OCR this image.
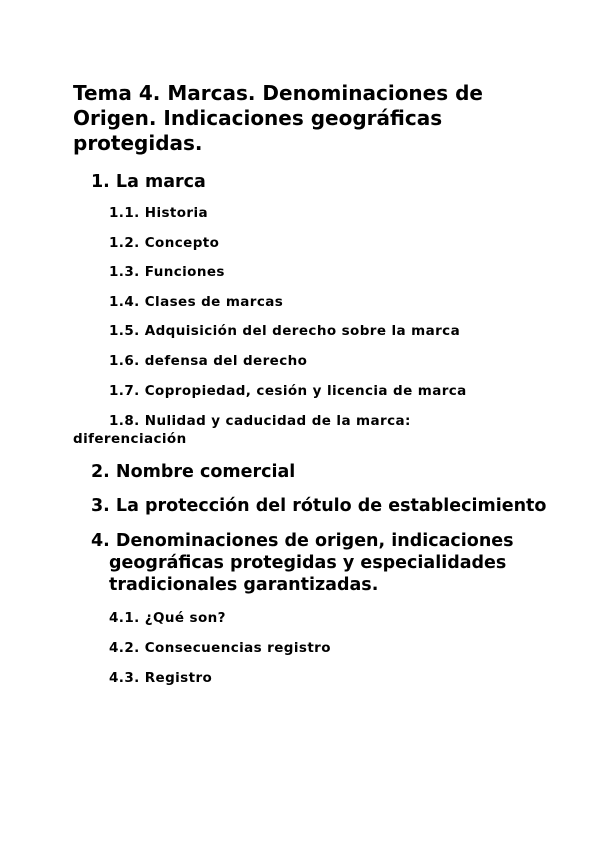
Tema 4. Marcas. Denominaciones de
Origen. Indicaciones geográficas
protegidas.
1. La marca

1.1. Historia

1.2. Concepto

1.3. Funciones

1.4. Clases de marcas

1.5. Adquisición del derecho sobre la marca

1.6. defensa del derecho

1.7. Copropiedad, cesión y licencia de marca

1.8. Nulidad y caducidad de la marca:
diferenciación

2. Nombre comercial
3. La protección del rótulo de establecimiento
4. Denominaciones de origen, indicaciones
geográficas protegidas y especialidades
tradicionales garantizadas.

4.1. ¿Qué son?

4.2. Consecuencias registro

4.3. Registro
